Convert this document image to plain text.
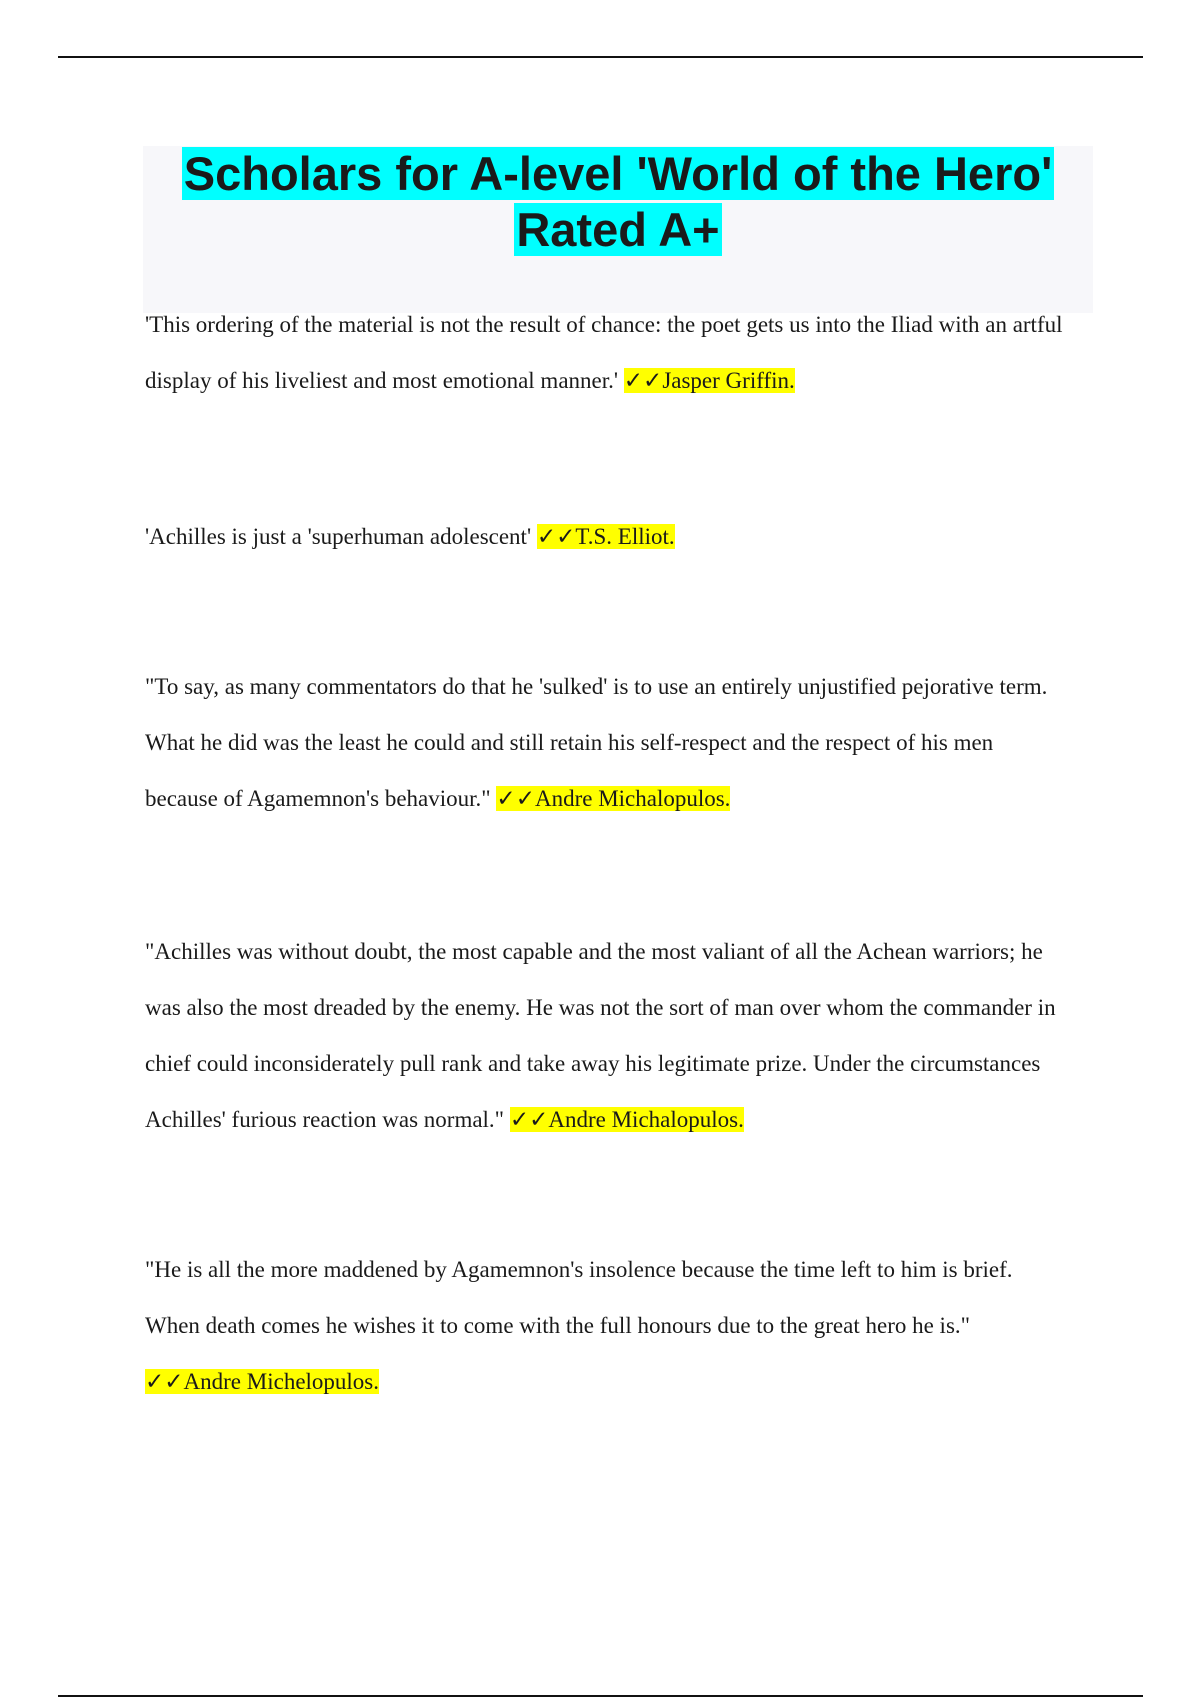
Scholars for A-level 'World of the Hero'
Rated A+

'This ordering of the material is not the result of chance: the poet gets us into the Iliad with an artful display of his liveliest and most emotional manner.' ✓✓Jasper Griffin.

'Achilles is just a 'superhuman adolescent' ✓✓T.S. Elliot.

"To say, as many commentators do that he 'sulked' is to use an entirely unjustified pejorative term. What he did was the least he could and still retain his self-respect and the respect of his men because of Agamemnon's behaviour." ✓✓Andre Michalopulos.

"Achilles was without doubt, the most capable and the most valiant of all the Achean warriors; he was also the most dreaded by the enemy. He was not the sort of man over whom the commander in chief could inconsiderately pull rank and take away his legitimate prize. Under the circumstances Achilles' furious reaction was normal." ✓✓Andre Michalopulos.

"He is all the more maddened by Agamemnon's insolence because the time left to him is brief. When death comes he wishes it to come with the full honours due to the great hero he is." ✓✓Andre Michelopulos.
